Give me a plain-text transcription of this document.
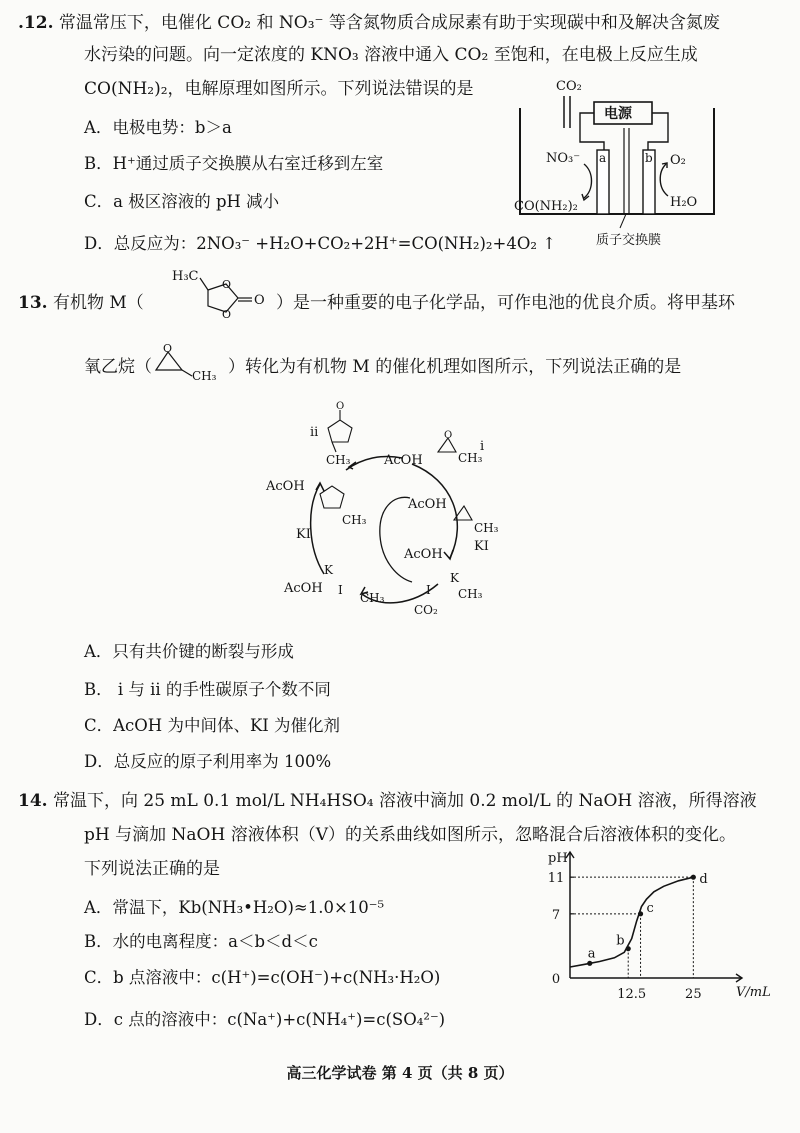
.12. 常温常压下，电催化 CO₂ 和 NO₃⁻ 等含氮物质合成尿素有助于实现碳中和及解决含氮废
水污染的问题。向一定浓度的 KNO₃ 溶液中通入 CO₂ 至饱和，在电极上反应生成
CO(NH₂)₂，电解原理如图所示。下列说法错误的是
A．电极电势：b＞a
B．H⁺通过质子交换膜从右室迁移到左室
C．a 极区溶液的 pH 减小
D．总反应为：2NO₃⁻ +H₂O+CO₂+2H⁺=CO(NH₂)₂+4O₂ ↑
CO₂
电源
a	b
NO₃⁻
CO(NH₂)₂
O₂
H₂O
质子交换膜
13. 有机物 M（
H₃C
O
O
O ）是一种重要的电子化学品，可作电池的优良介质。将甲基环
氧乙烷（
O
CH₃ ）转化为有机物 M 的催化机理如图所示，下列说法正确的是
ii
O
CH₃	AcOH
O
CH₃
i
AcOH
CH₃
KI
K
AcOH I
CH₃
AcOH
CH₃
KI
AcOH
K
CH₃
I
CO₂
A．只有共价键的断裂与形成
B． i 与 ii 的手性碳原子个数不同
C．AcOH 为中间体、KI 为催化剂
D．总反应的原子利用率为 100%
14. 常温下，向 25 mL 0.1 mol/L NH₄HSO₄ 溶液中滴加 0.2 mol/L 的 NaOH 溶液，所得溶液
pH 与滴加 NaOH 溶液体积（V）的关系曲线如图所示，忽略混合后溶液体积的变化。
下列说法正确的是
A．常温下，Kb(NH₃•H₂O)≈1.0×10⁻⁵
B．水的电离程度：a＜b＜d＜c
C．b 点溶液中：c(H⁺)=c(OH⁻)+c(NH₃·H₂O)
D．c 点的溶液中：c(Na⁺)+c(NH₄⁺)=c(SO₄²⁻)
pH
V/mL
0
7
11
12.5	25
a
b
c
d
高三化学试卷 第 4 页（共 8 页）
